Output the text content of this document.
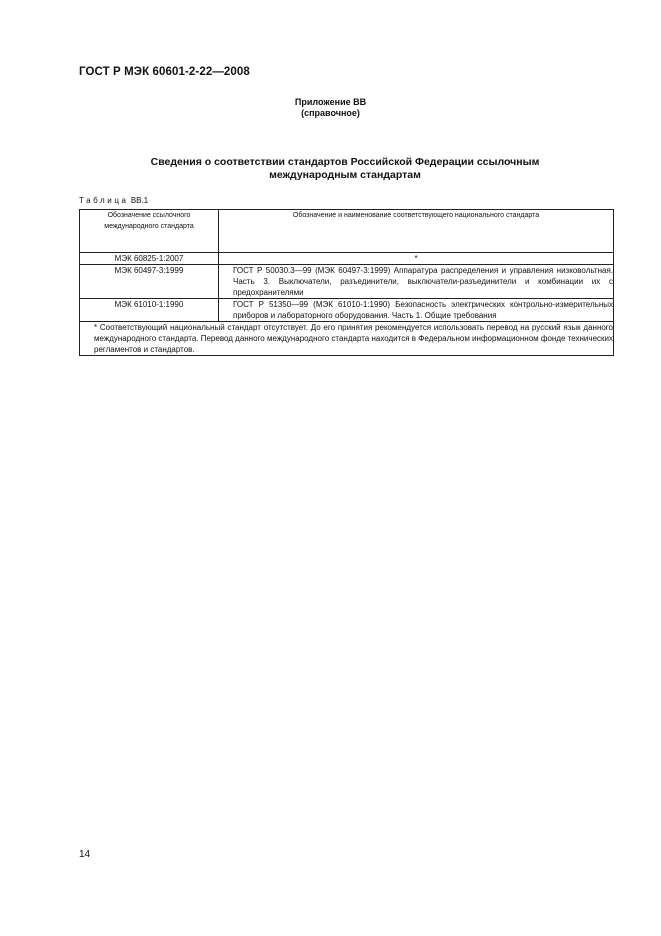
ГОСТ Р МЭК 60601-2-22—2008
Приложение ВВ
(справочное)
Сведения о соответствии стандартов Российской Федерации ссылочным
международным стандартам
Таблица ВВ.1
Обозначение ссылочного
международного стандарта	Обозначение и наименование соответствующего национального стандарта
МЭК 60825-1:2007	*
МЭК 60497-3:1999	ГОСТ Р 50030.3—99 (МЭК 60497-3:1999) Аппаратура распределения и управления низковольтная. Часть 3. Выключатели, разъединители, выключатели-разъединители и комбинации их с предохранителями

МЭК 61010-1:1990	ГОСТ Р 51350—99 (МЭК 61010-1:1990) Безопасность электрических контрольно-измерительных приборов и лабораторного оборудования. Часть 1. Общие требования

* Соответствующий национальный стандарт отсутствует. До его принятия рекомендуется использовать перевод на русский язык данного международного стандарта. Перевод данного международного стандарта находится в Федеральном информационном фонде технических регламентов и стандартов.	
14
